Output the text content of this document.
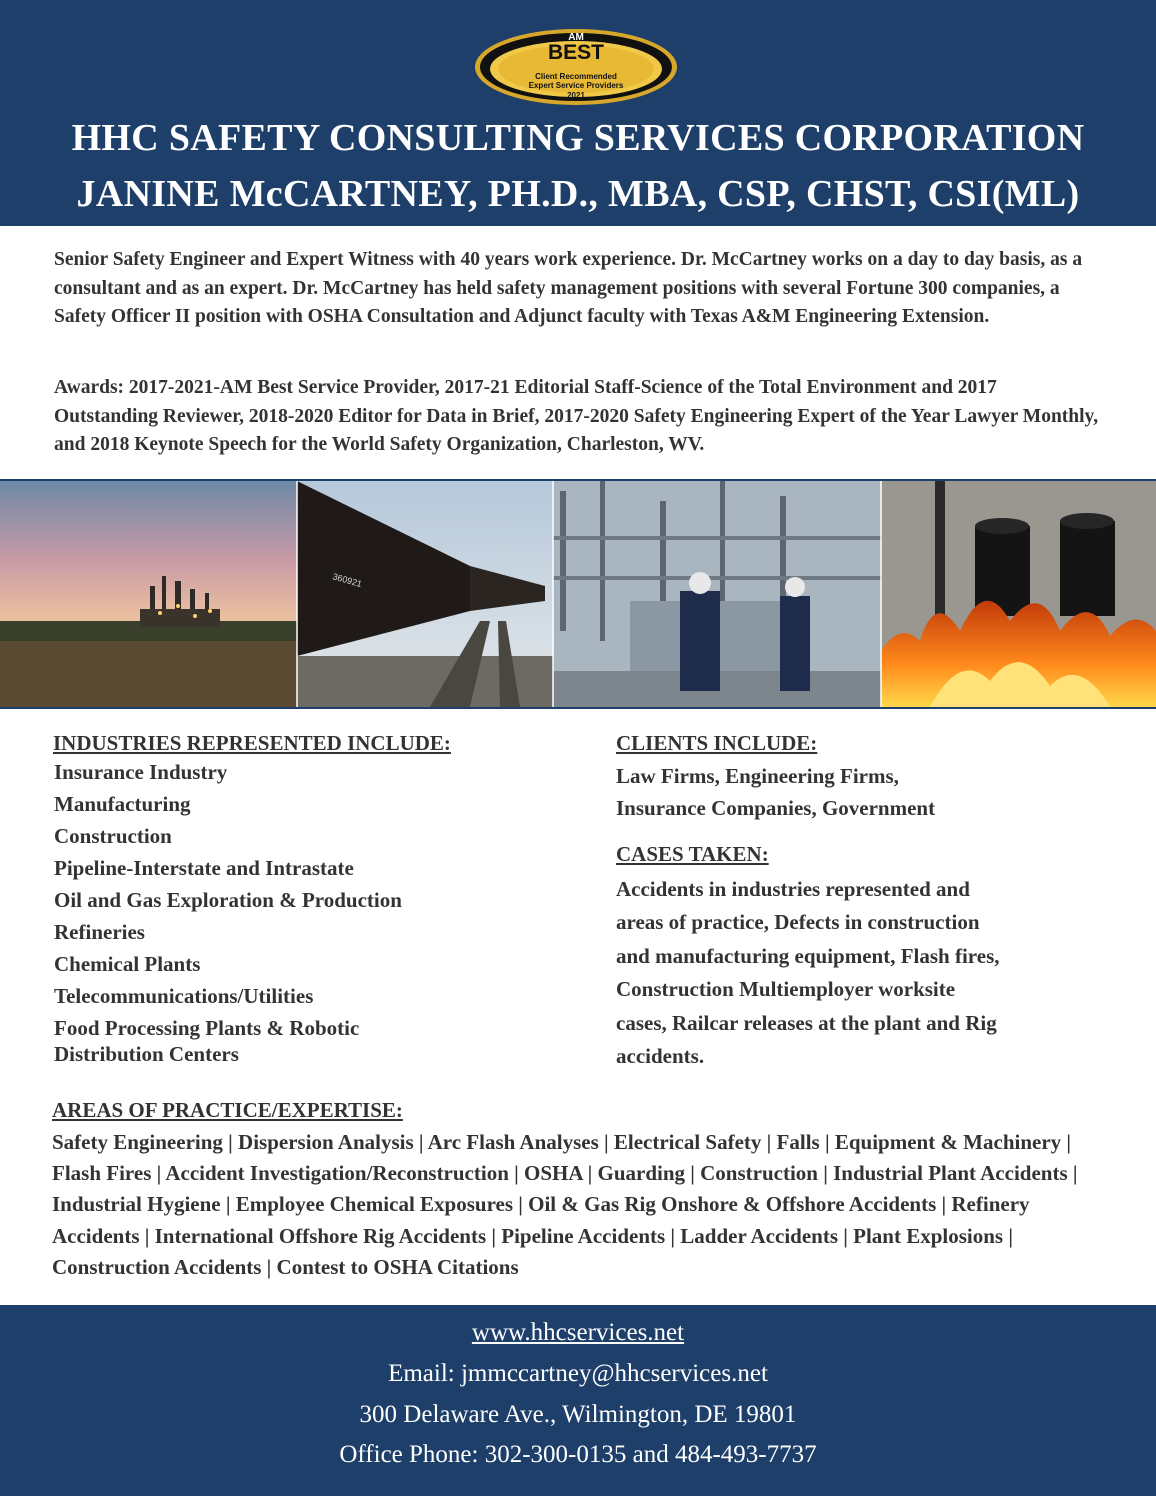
AM
BEST
Client Recommended
Expert Service Providers
2021
HHC SAFETY CONSULTING SERVICES CORPORATION
JANINE McCARTNEY, PH.D., MBA, CSP, CHST, CSI(ML)

Senior Safety Engineer and Expert Witness with 40 years work experience. Dr. McCartney works on a day to day basis, as a consultant and as an expert. Dr. McCartney has held safety management positions with several Fortune 300 companies, a Safety Officer II position with OSHA Consultation and Adjunct faculty with Texas A&M Engineering Extension.

Awards: 2017-2021-AM Best Service Provider, 2017-21 Editorial Staff-Science of the Total Environment and 2017 Outstanding Reviewer, 2018-2020 Editor for Data in Brief, 2017-2020 Safety Engineering Expert of the Year Lawyer Monthly, and 2018 Keynote Speech for the World Safety Organization, Charleston, WV.

360921
INDUSTRIES REPRESENTED INCLUDE:
Insurance Industry
Manufacturing
Construction
Pipeline-Interstate and Intrastate
Oil and Gas Exploration & Production
Refineries
Chemical Plants
Telecommunications/Utilities
Food Processing Plants & Robotic Distribution Centers
CLIENTS INCLUDE:

Law Firms, Engineering Firms, Insurance Companies, Government

CASES TAKEN:

Accidents in industries represented and areas of practice, Defects in construction and manufacturing equipment, Flash fires, Construction Multiemployer worksite cases, Railcar releases at the plant and Rig accidents.

AREAS OF PRACTICE/EXPERTISE:

Safety Engineering | Dispersion Analysis | Arc Flash Analyses | Electrical Safety | Falls | Equipment & Machinery | Flash Fires | Accident Investigation/Reconstruction | OSHA | Guarding | Construction | Industrial Plant Accidents | Industrial Hygiene | Employee Chemical Exposures | Oil & Gas Rig Onshore & Offshore Accidents | Refinery Accidents | International Offshore Rig Accidents | Pipeline Accidents | Ladder Accidents | Plant Explosions | Construction Accidents | Contest to OSHA Citations

www.hhcservices.net
Email: jmmccartney@hhcservices.net
300 Delaware Ave., Wilmington, DE 19801
Office Phone: 302-300-0135 and 484-493-7737
